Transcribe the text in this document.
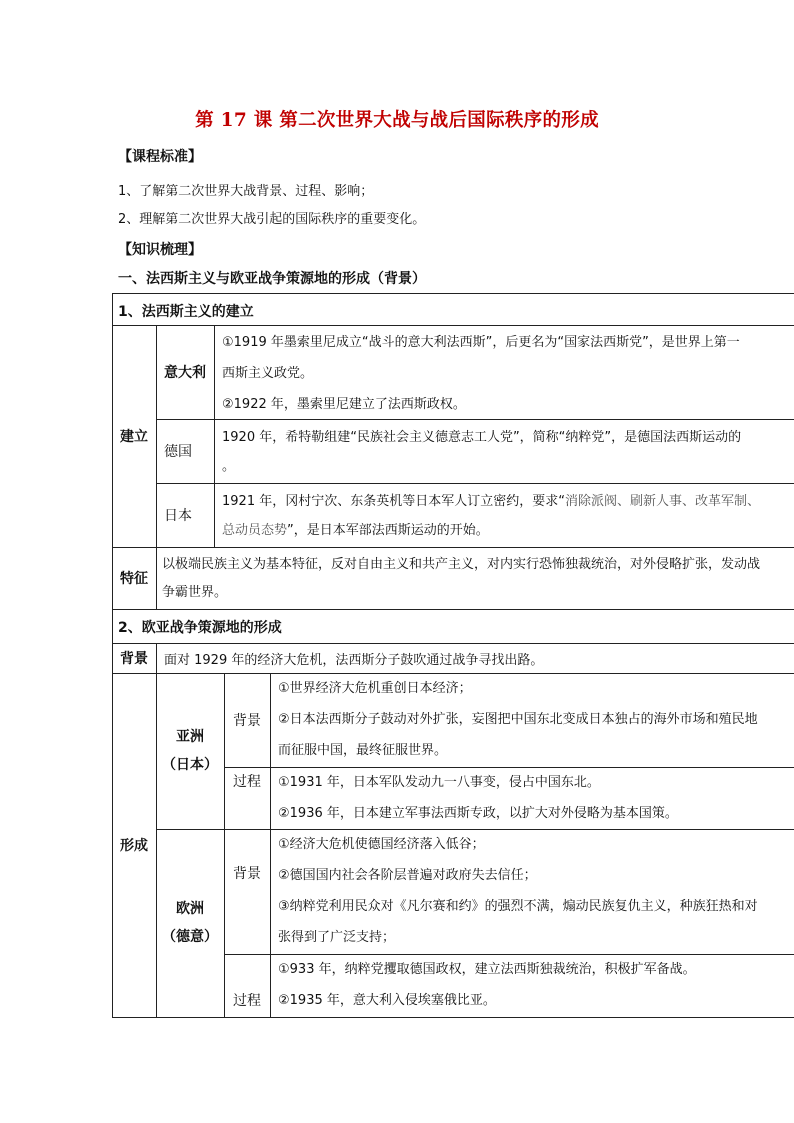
第 17 课 第二次世界大战与战后国际秩序的形成
【课程标准】
1、了解第二次世界大战背景、过程、影响；
2、理解第二次世界大战引起的国际秩序的重要变化。
【知识梳理】
一、法西斯主义与欧亚战争策源地的形成（背景）
1、法西斯主义的建立
建立
意大利

①1919 年墨索里尼成立“战斗的意大利法西斯”，后更名为“国家法西斯党”，是世界上第一

西斯主义政党。

②1922 年，墨索里尼建立了法西斯政权。

德国

1920 年，希特勒组建“民族社会主义德意志工人党”，简称“纳粹党”，是德国法西斯运动的

。

日本

1921 年，冈村宁次、东条英机等日本军人订立密约，要求“消除派阀、刷新人事、改革军制、

总动员态势”，是日本军部法西斯运动的开始。

特征

以极端民族主义为基本特征，反对自由主义和共产主义，对内实行恐怖独裁统治，对外侵略扩张，发动战

争霸世界。

2、欧亚战争策源地的形成
背景	面对 1929 年的经济大危机，法西斯分子鼓吹通过战争寻找出路。
形成
亚洲
（日本）
背景

①世界经济大危机重创日本经济；

②日本法西斯分子鼓动对外扩张，妄图把中国东北变成日本独占的海外市场和殖民地

而征服中国，最终征服世界。

过程	①1931 年，日本军队发动九一八事变，侵占中国东北。

②1936 年，日本建立军事法西斯专政，以扩大对外侵略为基本国策。

欧洲
（德意）
背景

①经济大危机使德国经济落入低谷；

②德国国内社会各阶层普遍对政府失去信任；

③纳粹党利用民众对《凡尔赛和约》的强烈不满，煽动民族复仇主义，种族狂热和对

张得到了广泛支持；

过程

①933 年，纳粹党攫取德国政权，建立法西斯独裁统治，积极扩军备战。

②1935 年，意大利入侵埃塞俄比亚。
